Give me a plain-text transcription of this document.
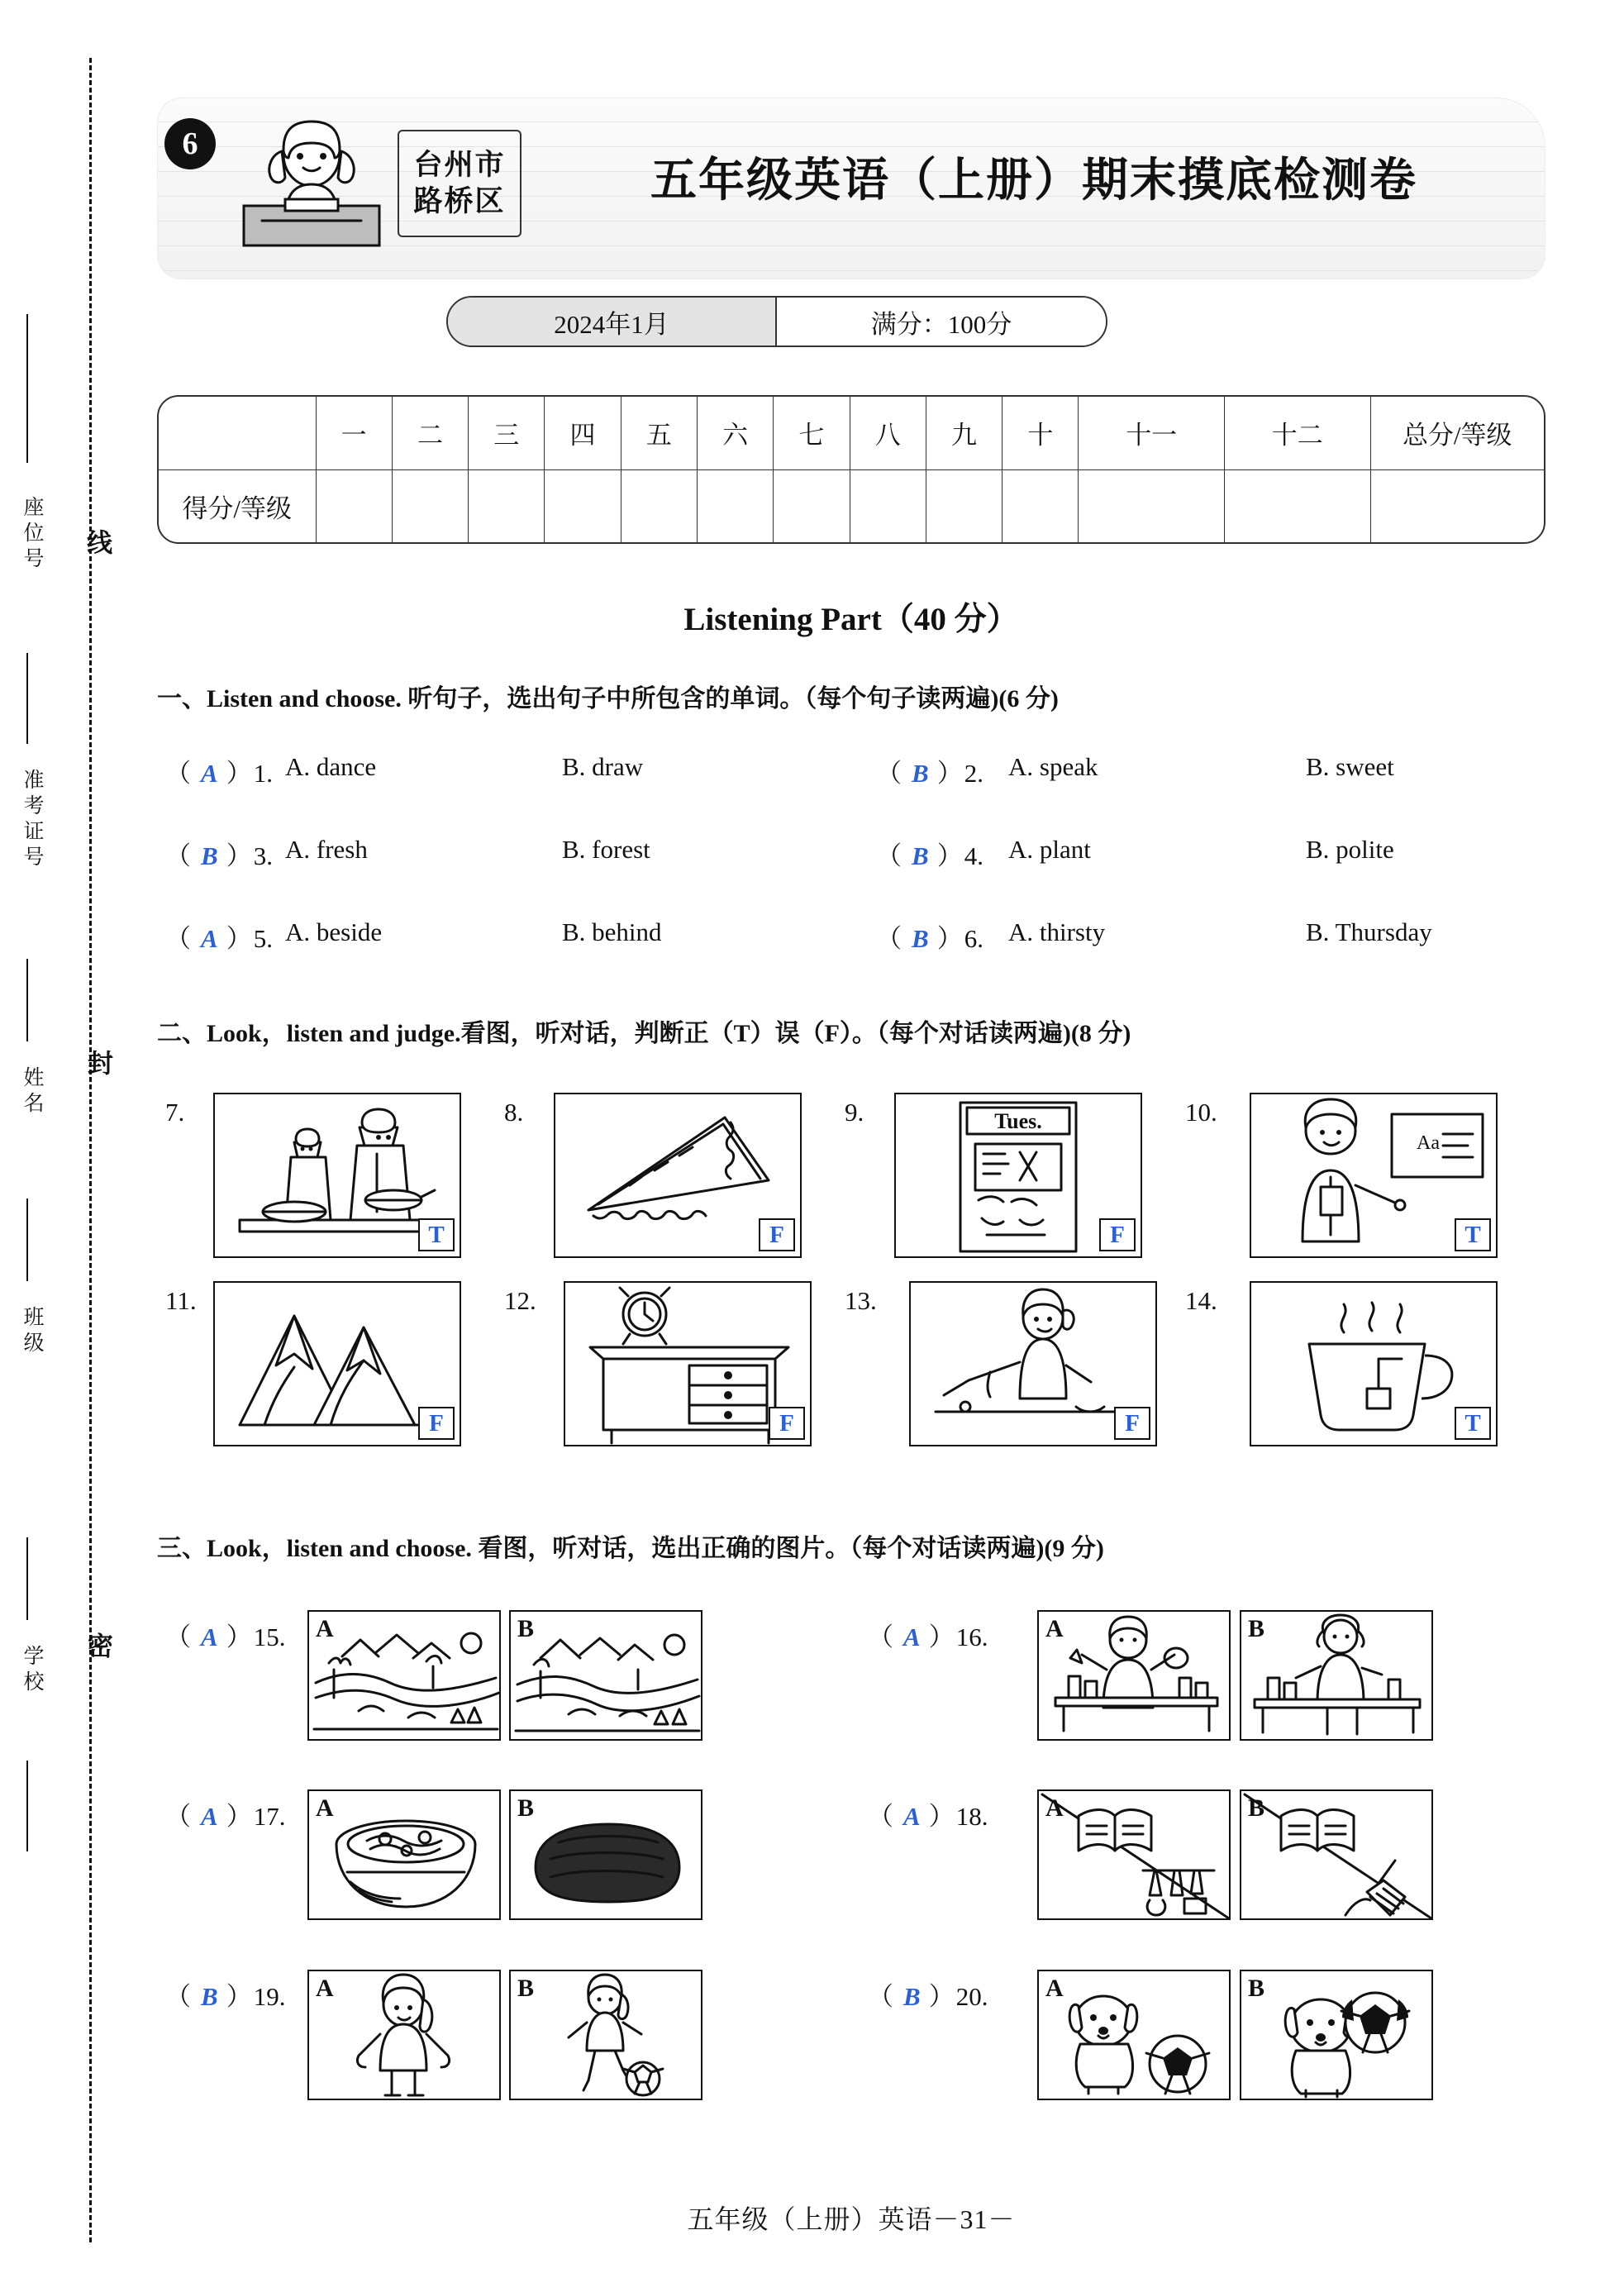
座位号 线
准考证号
封
姓名
班级
密
学校
6
台州市
路桥区	五年级英语（上册）期末摸底检测卷
2024年1月	满分：100分
	一	二	三	四	五	六	七	八	九	十	十一	十二	总分/等级
得分/等级													
Listening Part（40 分）
一、Listen and choose. 听句子，选出句子中所包含的单词。（每个句子读两遍)(6 分)
（ A ）1. A. dance	B. draw	（ B ）2. A. speak	B. sweet
（ B ）3. A. fresh	B. forest	（ B ）4. A. plant	B. polite
（ A ）5. A. beside	B. behind	（ B ）6. A. thirsty	B. Thursday
二、Look，listen and judge.看图，听对话，判断正（T）误（F）。（每个对话读两遍)(8 分)
7.
T
8.
F
9.	Tues.
F
10.
Aa
T
11.
F
12.
F
13.
F
14.
T
三、Look，listen and choose. 看图，听对话，选出正确的图片。（每个对话读两遍)(9 分)
（ A ）15. A	B	（ A ）16. A	B
（ A ）17. A	B	（ A ）18. A	B
（ B ）19. A	B	（ B ）20. A	B
五年级（上册）英语－31－
